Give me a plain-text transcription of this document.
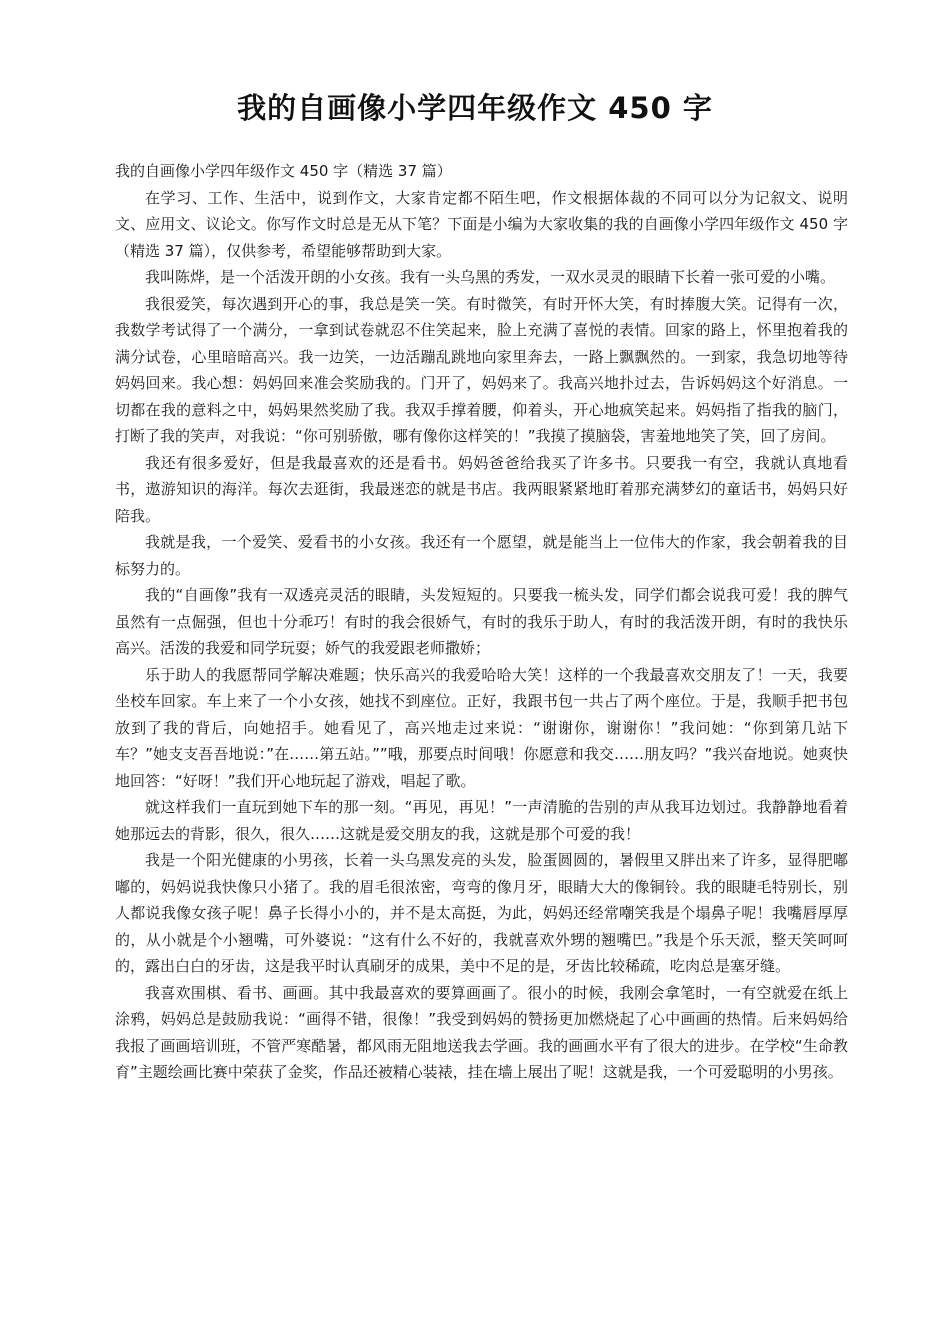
我的自画像小学四年级作文 450 字

我的自画像小学四年级作文 450 字（精选 37 篇）

在学习、工作、生活中，说到作文，大家肯定都不陌生吧，作文根据体裁的不同可以分为记叙文、说明文、应用文、议论文。你写作文时总是无从下笔？下面是小编为大家收集的我的自画像小学四年级作文 450 字（精选 37 篇），仅供参考，希望能够帮助到大家。

我叫陈烨，是一个活泼开朗的小女孩。我有一头乌黑的秀发，一双水灵灵的眼睛下长着一张可爱的小嘴。

我很爱笑，每次遇到开心的事，我总是笑一笑。有时微笑，有时开怀大笑，有时捧腹大笑。记得有一次，我数学考试得了一个满分，一拿到试卷就忍不住笑起来，脸上充满了喜悦的表情。回家的路上，怀里抱着我的满分试卷，心里暗暗高兴。我一边笑，一边活蹦乱跳地向家里奔去，一路上飘飘然的。一到家，我急切地等待妈妈回来。我心想：妈妈回来准会奖励我的。门开了，妈妈来了。我高兴地扑过去，告诉妈妈这个好消息。一切都在我的意料之中，妈妈果然奖励了我。我双手撑着腰，仰着头，开心地疯笑起来。妈妈指了指我的脑门，打断了我的笑声，对我说：“你可别骄傲，哪有像你这样笑的！”我摸了摸脑袋，害羞地地笑了笑，回了房间。

我还有很多爱好，但是我最喜欢的还是看书。妈妈爸爸给我买了许多书。只要我一有空，我就认真地看书，遨游知识的海洋。每次去逛街，我最迷恋的就是书店。我两眼紧紧地盯着那充满梦幻的童话书，妈妈只好陪我。

我就是我，一个爱笑、爱看书的小女孩。我还有一个愿望，就是能当上一位伟大的作家，我会朝着我的目标努力的。

我的“自画像”我有一双透亮灵活的眼睛，头发短短的。只要我一梳头发，同学们都会说我可爱！我的脾气虽然有一点倔强，但也十分乖巧！有时的我会很娇气，有时的我乐于助人，有时的我活泼开朗，有时的我快乐高兴。活泼的我爱和同学玩耍；娇气的我爱跟老师撒娇；

乐于助人的我愿帮同学解决难题；快乐高兴的我爱哈哈大笑！这样的一个我最喜欢交朋友了！一天，我要坐校车回家。车上来了一个小女孩，她找不到座位。正好，我跟书包一共占了两个座位。于是，我顺手把书包放到了我的背后，向她招手。她看见了，高兴地走过来说：“谢谢你，谢谢你！”我问她：“你到第几站下车？”她支支吾吾地说：”在……第五站。””哦，那要点时间哦！你愿意和我交……朋友吗？”我兴奋地说。她爽快地回答：“好呀！”我们开心地玩起了游戏，唱起了歌。

就这样我们一直玩到她下车的那一刻。“再见，再见！”一声清脆的告别的声从我耳边划过。我静静地看着她那远去的背影，很久，很久……这就是爱交朋友的我，这就是那个可爱的我！

我是一个阳光健康的小男孩，长着一头乌黑发亮的头发，脸蛋圆圆的，暑假里又胖出来了许多，显得肥嘟嘟的，妈妈说我快像只小猪了。我的眉毛很浓密，弯弯的像月牙，眼睛大大的像铜铃。我的眼睫毛特别长，别人都说我像女孩子呢！鼻子长得小小的，并不是太高挺，为此，妈妈还经常嘲笑我是个塌鼻子呢！我嘴唇厚厚的，从小就是个小翘嘴，可外婆说：“这有什么不好的，我就喜欢外甥的翘嘴巴。”我是个乐天派，整天笑呵呵的，露出白白的牙齿，这是我平时认真刷牙的成果，美中不足的是，牙齿比较稀疏，吃肉总是塞牙缝。

我喜欢围棋、看书、画画。其中我最喜欢的要算画画了。很小的时候，我刚会拿笔时，一有空就爱在纸上涂鸦，妈妈总是鼓励我说：“画得不错，很像！”我受到妈妈的赞扬更加燃烧起了心中画画的热情。后来妈妈给我报了画画培训班，不管严寒酷暑，都风雨无阻地送我去学画。我的画画水平有了很大的进步。在学校“生命教育”主题绘画比赛中荣获了金奖，作品还被精心装裱，挂在墙上展出了呢！这就是我，一个可爱聪明的小男孩。
